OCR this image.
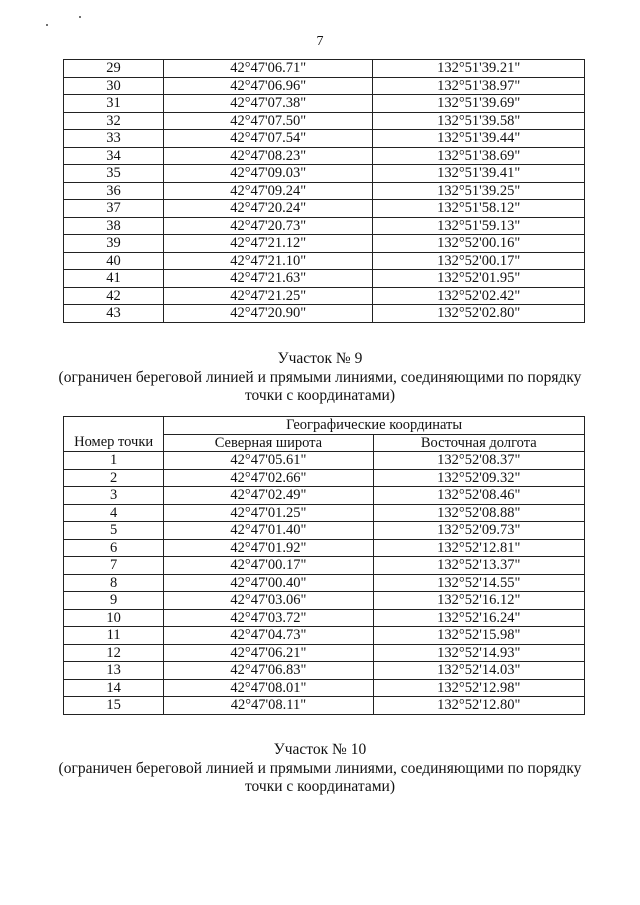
7
29	42°47'06.71"	132°51'39.21"
30	42°47'06.96"	132°51'38.97"
31	42°47'07.38"	132°51'39.69"
32	42°47'07.50"	132°51'39.58"
33	42°47'07.54"	132°51'39.44"
34	42°47'08.23"	132°51'38.69"
35	42°47'09.03"	132°51'39.41"
36	42°47'09.24"	132°51'39.25"
37	42°47'20.24"	132°51'58.12"
38	42°47'20.73"	132°51'59.13"
39	42°47'21.12"	132°52'00.16"
40	42°47'21.10"	132°52'00.17"
41	42°47'21.63"	132°52'01.95"
42	42°47'21.25"	132°52'02.42"
43	42°47'20.90"	132°52'02.80"
Участок № 9
(ограничен береговой линией и прямыми линиями, соединяющими по порядку
точки с координатами)
	Географические координаты	
Номер точки	Северная широта	Восточная долгота
1	42°47'05.61"	132°52'08.37"
2	42°47'02.66"	132°52'09.32"
3	42°47'02.49"	132°52'08.46"
4	42°47'01.25"	132°52'08.88"
5	42°47'01.40"	132°52'09.73"
6	42°47'01.92"	132°52'12.81"
7	42°47'00.17"	132°52'13.37"
8	42°47'00.40"	132°52'14.55"
9	42°47'03.06"	132°52'16.12"
10	42°47'03.72"	132°52'16.24"
11	42°47'04.73"	132°52'15.98"
12	42°47'06.21"	132°52'14.93"
13	42°47'06.83"	132°52'14.03"
14	42°47'08.01"	132°52'12.98"
15	42°47'08.11"	132°52'12.80"
Участок № 10
(ограничен береговой линией и прямыми линиями, соединяющими по порядку
точки с координатами)
